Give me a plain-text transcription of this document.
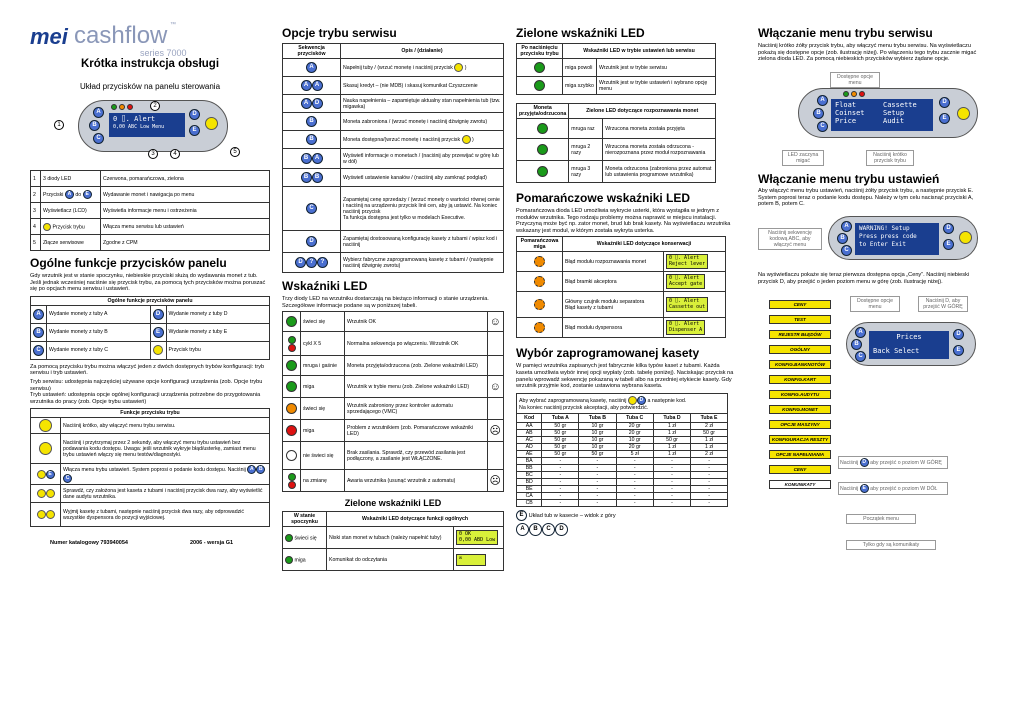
mei cashflow ™
series 7000
Krótka instrukcja obsługi
Układ przycisków na panelu sterowania
A
B
C
0 ⌷. Alert
0,00 ABC Low Menu
D
E
1
2
3	4	5
1	3 diody LED	Czerwona, pomarańczowa, zielona
2	Przyciski A do E	Wydawanie monet i nawigacja po menu
3	Wyświetlacz (LCD)	Wyświetla informacje menu i ostrzeżenia
4	Przycisk trybu	Włącza menu serwisu lub ustawień
5	Złącze serwisowe	Zgodne z CPM
Ogólne funkcje przycisków panelu

Gdy wrzutnik jest w stanie spoczynku, niebieskie przyciski służą do wydawania monet z tub. Jeśli jednak wcześniej naciśnie się przycisk trybu, za pomocą tych przycisków można poruszać się po opcjach menu serwisu i ustawień.

Ogólne funkcje przycisków panelu			
A	Wydanie monety z tuby A	D	Wydanie monety z tuby D
B	Wydanie monety z tuby B	E	Wydanie monety z tuby E
C	Wydanie monety z tuby C		Przycisk trybu

Za pomocą przycisku trybu można włączyć jeden z dwóch dostępnych trybów konfiguracji: tryb serwisu i tryb ustawień.

Tryb serwisu: udostępnia najczęściej używane opcje konfiguracji urządzenia (zob. Opcje trybu serwisu)

Tryb ustawień: udostępnia opcje ogólnej konfiguracji urządzenia potrzebne do przygotowania wrzutnika do pracy (zob. Opcje trybu ustawień)

Funkcje przycisku trybu	
	Naciśnij krótko, aby włączyć menu trybu serwisu.
	Naciśnij i przytrzymaj przez 2 sekundy, aby włączyć menu trybu ustawień bez podawania kodu dostępu. Uwaga: jeśli wrzutnik wykryje błąd/usterkę, zamiast menu trybu ustawień włączy się menu testów/diagnostyki.
E	Włącza menu trybu ustawień. System poprosi o podanie kodu dostępu. Naciśnij A BC
	Sprawdź, czy założona jest kaseta z tubami i naciśnij przycisk dwa razy, aby wyświetlić dane audytu wrzutnika.
	Wyjmij kasetę z tubami, następnie naciśnij przycisk dwa razy, aby odprowadzić wszystkie dyspensora do pozycji wyjściowej.
Numer katalogowy 793940054	2006 - wersja G1
Opcje trybu serwisu
Sekwencja przycisków	Opis / (działanie)
A	Napełnij tuby / (wrzuć monetę i naciśnij przycisk  )
A A	Skasuj kredyt – (nie MDB) i skasuj komunikat Czyszczenie
A D	Nauka napełnienia – zapamiętuje aktualny stan napełnienia tub (tzw. migawka)
B	Moneta zabroniona / (wrzuć monetę i naciśnij dźwignię zwrotu)
B	Moneta dostępna/(wrzuć monetę i naciśnij przycisk  )
B A	Wyświetl informacje o monetach / (naciśnij aby przewijać w górę lub w dół)
B B	Wyświetl ustawienie kanałów / (naciśnij aby zamknąć podgląd)
C	Zapamiętaj cenę sprzedaży / (wrzuć monety o wartości równej cenie i naciśnij na urządzeniu przycisk linii cen, aby ją ustawić. Na koniec naciśnij przycisk
Ta funkcja dostępna jest tylko w modelach Executive.
D	Zapamiętaj dostosowaną konfigurację kasety z tubami / wpisz kod i naciśnij
D ? ?	Wybierz fabryczne zaprogramowaną kasetę z tubami / (następnie naciśnij dźwignię zwrotu)
Wskaźniki LED

Trzy diody LED na wrzutniku dostarczają na bieżąco informacji o stanie urządzenia. Szczegółowe informacje podane są w poniższej tabeli.

	świeci się	Wrzutnik OK	☺
	cykl X 5	Normalna sekwencja po włączeniu. Wrzutnik OK	
	mruga i gaśnie	Moneta przyjęta/odrzucona (zob. Zielone wskaźniki LED)	
	miga	Wrzutnik w trybie menu (zob. Zielone wskaźniki LED)	☺
	świeci się	Wrzutnik zabroniony przez kontroler automatu sprzedającego (VMC)	
	miga	Problem z wrzutnikiem (zob. Pomarańczowe wskaźniki LED)	☹
	nie świeci się	Brak zasilania. Sprawdź, czy przewód zasilania jest podłączony, a zasilanie jest WŁĄCZONE.	
	na zmianę	Awaria wrzutnika (usunąć wrzutnik z automatu)	☹
Zielone wskaźniki LED
W stanie spoczynku	Wskaźniki LED dotyczące funkcji ogólnych	
świeci się	Niski stan monet w tubach (należy napełnić tuby)	0 OK
0,00 ABD Low
miga	Komunikat do odczytania	✉
Zielone wskaźniki LED
Po naciśnięciu przycisku trybu	Wskaźniki LED w trybie ustawień lub serwisu	
	miga powoli	Wrzutnik jest w trybie serwisu
	miga szybko	Wrzutnik jest w trybie ustawień i wybrano opcję menu
Moneta przyjęta/odrzucona	Zielone LED dotyczące rozpoznawania monet	
	mruga raz	Wrzucona moneta została przyjęta
	mruga 2 razy	Wrzucona moneta została odrzucona - nierozpoznana przez moduł rozpoznawania
	mruga 3 razy	Moneta odrzucona (zabroniona przez automat lub ustawienia programowe wrzutnika)
Pomarańczowe wskaźniki LED

Pomarańczowa dioda LED umożliwia wykrycie usterki, która wystąpiła w jednym z modułów wrzutnika. Tego rodzaju problemy można naprawić w miejscu instalacji. Przyczyną może być np. zator monet, brud lub brak kasety. Na wyświetlaczu wrzutnika wskazany jest moduł, w którym została wykryta usterka.

Pomarańczowa miga	Wskaźniki LED dotyczące konserwacji	
	Błąd modułu rozpoznawania monet	0 ⌷. Alert
Reject lever
	Błąd bramki akceptora	0 ⌷. Alert
Accept gate
	Główny czujnik modułu separatora
Błąd kasety z tubami	0 ⌷. Alert
Cassette out
	Błąd modułu dyspensora	0 ⌷. Alert
Dispenser A
Wybór zaprogramowanej kasety

W pamięci wrzutnika zapisanych jest fabrycznie kilka typów kaset z tubami. Każda kaseta umożliwia wybór innej opcji wypłaty (zob. tabelę poniżej). Naciskając przycisk na panelu wprowadź sekwencję pokazaną w tabeli albo na przedniej etykiecie kasety. Gdy wrzutnik przyjmie kod, zostanie ustawiona wybrana kaseta.

Aby wybrać zaprogramowaną kasetę, naciśnij	D a następnie kod.
Na koniec naciśnij przycisk akceptacji, aby potwierdzić.
Kod	Tuba A	Tuba B	Tuba C	Tuba D	Tuba E
AA	50 gr	10 gr	20 gr	1 zł	2 zł
AB	50 gr	10 gr	20 gr	1 zł	50 gr
AC	50 gr	10 gr	10 gr	50 gr	1 zł
AD	50 gr	10 gr	20 gr	1 zł	1 zł
AE	50 gr	50 gr	5 zł	1 zł	2 zł
BA	-	-	-	-	-
BB	-	-	-	-	-
BC	-	-	-	-	-
BD	-	-	-	-	-
BE	-	-	-	-	-
CA	-	-	-	-	-
CB	-	-	-	-	-
E Układ tub w kasecie – widok z góry
A B C D
Włączanie menu trybu serwisu

Naciśnij krótko żółty przycisk trybu, aby włączyć menu trybu serwisu. Na wyświetlaczu pokażą się dostępne opcje (zob. ilustrację niżej). Po włączeniu tego trybu zacznie migać zielona dioda LED. Za pomocą niebieskich przycisków wybierz żądane opcje.

Dostępne opcje menu
A
B
C
Float	Cassette
Coinset	Setup
Price	Audit
D
E
LED zaczyna migać
Naciśnij krótko przycisk trybu
Włączanie menu trybu ustawień

Aby włączyć menu trybu ustawień, naciśnij żółty przycisk trybu, a następnie przycisk E. System poprosi teraz o podanie kodu dostępu. Należy w tym celu nacisnąć przyciski A, potem B, potem C.

Naciśnij sekwencję kodową ABC, aby włączyć menu
A
B
C
WARNING! Setup
Press press code
to Enter Exit
D
E

Na wyświetlaczu pokaże się teraz pierwsza dostępna opcja „Ceny”. Naciśnij niebieski przycisk D, aby przejść o jeden poziom menu w górę (zob. ilustrację niżej).

CENY
TEST
REJESTR BŁĘDÓW
OGÓLNY
KONFIG.BANKNOTÓW
KONFIG.KART
KONFIG.AUDYTU
KONFIG.MONET
OPCJE MASZYNY
KONFIGURACJA RESZTY
OPCJE NAPEŁNIANIA
CENY
KOMUNIKATY
Dostępne opcje menu
Naciśnij D, aby przejść W GÓRĘ
A
B
C
Prices
Back Select
D
E
Naciśnij D aby przejść o poziom W GÓRĘ
Naciśnij E aby przejść o poziom W DÓŁ
Początek menu
Tylko gdy są komunikaty
